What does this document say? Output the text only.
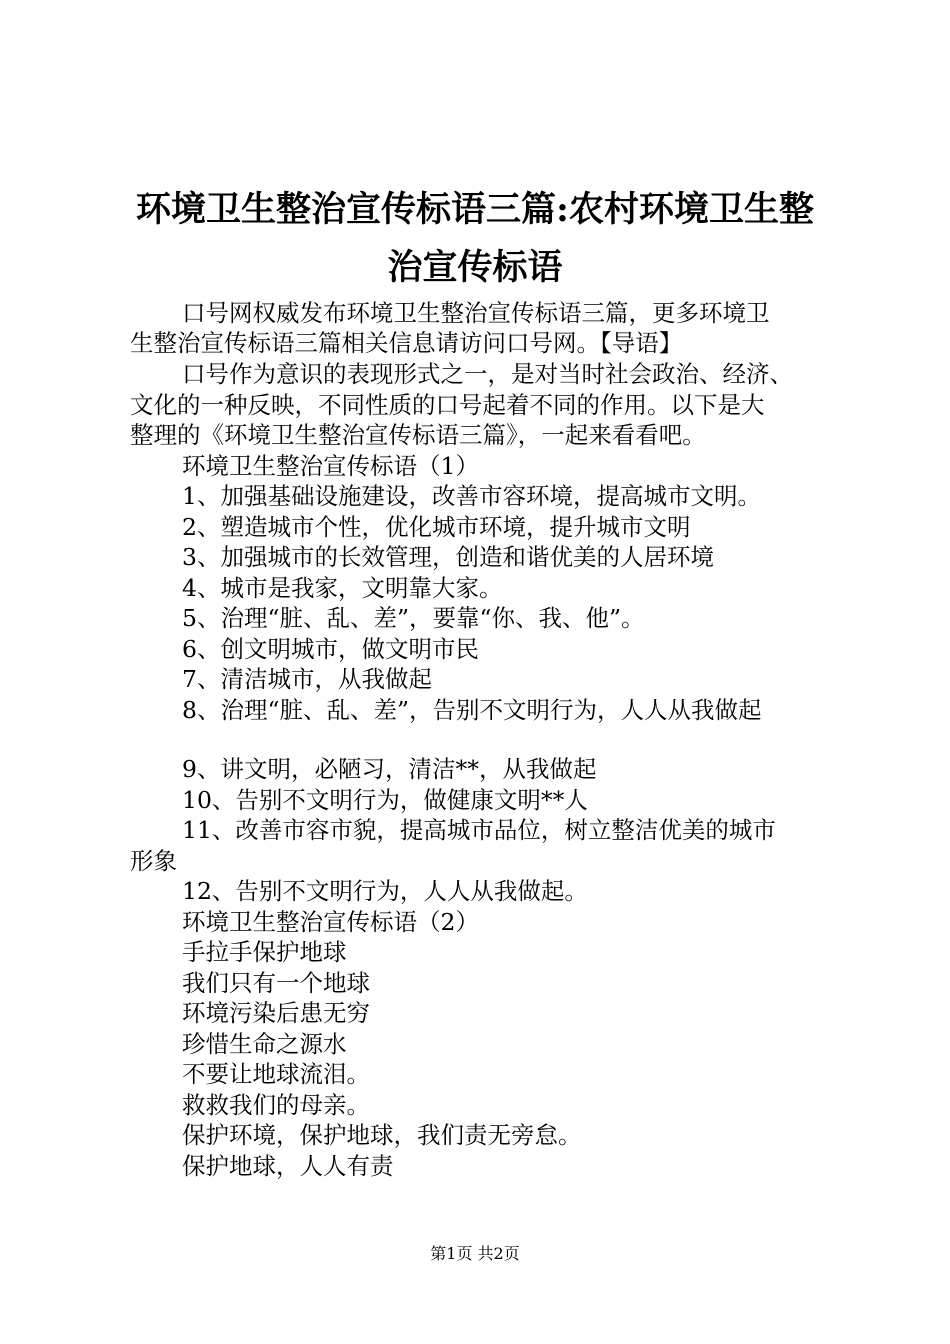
环境卫生整治宣传标语三篇:农村环境卫生整
治宣传标语
口号网权威发布环境卫生整治宣传标语三篇，更多环境卫
生整治宣传标语三篇相关信息请访问口号网。【导语】
口号作为意识的表现形式之一，是对当时社会政治、经济、
文化的一种反映，不同性质的口号起着不同的作用。以下是大
整理的《环境卫生整治宣传标语三篇》，一起来看看吧。
环境卫生整治宣传标语（1）
1、加强基础设施建设，改善市容环境，提高城市文明。
2、塑造城市个性，优化城市环境，提升城市文明
3、加强城市的长效管理，创造和谐优美的人居环境
4、城市是我家，文明靠大家。
5、治理“脏、乱、差”，要靠“你、我、他”。
6、创文明城市，做文明市民
7、清洁城市，从我做起
8、治理“脏、乱、差”，告别不文明行为，人人从我做起
9、讲文明，必陋习，清洁**，从我做起
10、告别不文明行为，做健康文明**人
11、改善市容市貌，提高城市品位，树立整洁优美的城市
形象
12、告别不文明行为，人人从我做起。
环境卫生整治宣传标语（2）
手拉手保护地球
我们只有一个地球
环境污染后患无穷
珍惜生命之源水
不要让地球流泪。
救救我们的母亲。
保护环境，保护地球，我们责无旁怠。
保护地球，人人有责
第1页 共2页
